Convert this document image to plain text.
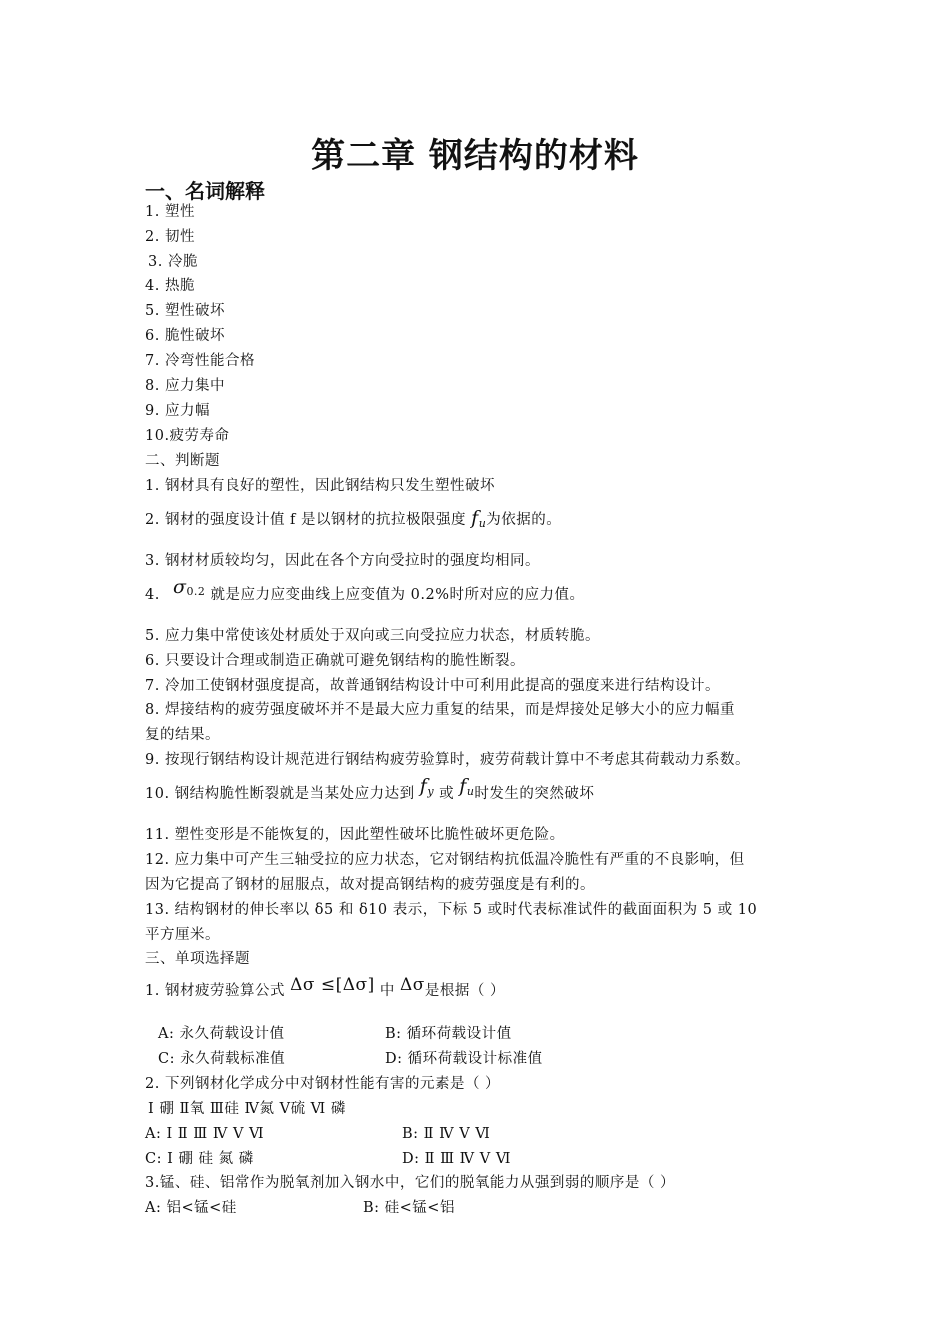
第二章 钢结构的材料
一、名词解释
1. 塑性
2. 韧性
3. 冷脆
4. 热脆
5. 塑性破坏
6. 脆性破坏
7. 冷弯性能合格
8. 应力集中
9. 应力幅
10.疲劳寿命
二、判断题
1. 钢材具有良好的塑性，因此钢结构只发生塑性破坏
2. 钢材的强度设计值 f 是以钢材的抗拉极限强度 $f_u$为依据的。
3. 钢材材质较均匀，因此在各个方向受拉时的强度均相同。
4. $\sigma^{0.2}$ 就是应力应变曲线上应变值为 0.2%时所对应的应力值。
5. 应力集中常使该处材质处于双向或三向受拉应力状态，材质转脆。
6. 只要设计合理或制造正确就可避免钢结构的脆性断裂。
7. 冷加工使钢材强度提高，故普通钢结构设计中可利用此提高的强度来进行结构设计。
8. 焊接结构的疲劳强度破坏并不是最大应力重复的结果，而是焊接处足够大小的应力幅重
复的结果。
9. 按现行钢结构设计规范进行钢结构疲劳验算时，疲劳荷载计算中不考虑其荷载动力系数。
10. 钢结构脆性断裂就是当某处应力达到 $f^y$ 或 $f^u$时发生的突然破坏
11. 塑性变形是不能恢复的，因此塑性破坏比脆性破坏更危险。
12. 应力集中可产生三轴受拉的应力状态，它对钢结构抗低温冷脆性有严重的不良影响，但
因为它提高了钢材的屈服点，故对提高钢结构的疲劳强度是有利的。
13. 结构钢材的伸长率以 δ5 和 δ10 表示，下标 5 或时代表标准试件的截面面积为 5 或 10
平方厘米。
三、单项选择题
1. 钢材疲劳验算公式 Δσ ≤[Δσ] 中 Δσ是根据（ ）
A: 永久荷载设计值	B: 循环荷载设计值
C: 永久荷载标准值	D: 循环荷载设计标准值
2. 下列钢材化学成分中对钢材性能有害的元素是（ ）
Ⅰ 硼 Ⅱ氧 Ⅲ硅 Ⅳ氮 Ⅴ硫 Ⅵ 磷
A: Ⅰ Ⅱ Ⅲ Ⅳ Ⅴ Ⅵ	B: Ⅱ Ⅳ Ⅴ Ⅵ
C: Ⅰ 硼 硅 氮 磷	D: Ⅱ Ⅲ Ⅳ Ⅴ Ⅵ
3.锰、硅、铝常作为脱氧剂加入钢水中，它们的脱氧能力从强到弱的顺序是（ ）
A: 铝<锰<硅	B: 硅<锰<铝
